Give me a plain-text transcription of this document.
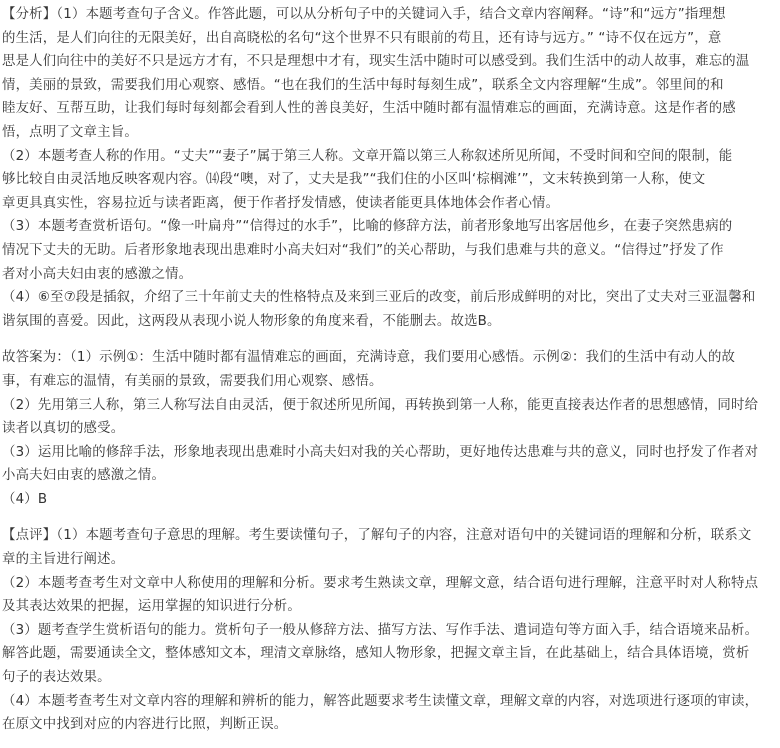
【分析】（1）本题考查句子含义。作答此题，可以从分析句子中的关键词入手，结合文章内容阐释。“诗”和“远方”指理想
的生活，是人们向往的无限美好，出自高晓松的名句“这个世界不只有眼前的苟且，还有诗与远方。” “诗不仅在远方”，意
思是人们向往中的美好不只是远方才有，不只是理想中才有，现实生活中随时可以感受到。我们生活中的动人故事，难忘的温
情，美丽的景致，需要我们用心观察、感悟。“也在我们的生活中每时每刻生成”，联系全文内容理解“生成”。邻里间的和
睦友好、互帮互助，让我们每时每刻都会看到人性的善良美好，生活中随时都有温情难忘的画面，充满诗意。这是作者的感
悟，点明了文章主旨。
（2）本题考查人称的作用。“丈夫”“妻子”属于第三人称。文章开篇以第三人称叙述所见所闻，不受时间和空间的限制，能
够比较自由灵活地反映客观内容。⒁段“噢，对了，丈夫是我”“我们住的小区叫‘棕榈滩’”，文末转换到第一人称，使文
章更具真实性，容易拉近与读者距离，便于作者抒发情感，使读者能更具体地体会作者心情。
（3）本题考查赏析语句。“像一叶扁舟”“信得过的水手”，比喻的修辞方法，前者形象地写出客居他乡，在妻子突然患病的
情况下丈夫的无助。后者形象地表现出患难时小高夫妇对“我们”的关心帮助，与我们患难与共的意义。“信得过”抒发了作
者对小高夫妇由衷的感激之情。
（4）⑥至⑦段是插叙，介绍了三十年前丈夫的性格特点及来到三亚后的改变，前后形成鲜明的对比，突出了丈夫对三亚温馨和
谐氛围的喜爱。因此，这两段从表现小说人物形象的角度来看，不能删去。故选B。
故答案为：（1）示例①：生活中随时都有温情难忘的画面，充满诗意，我们要用心感悟。示例②：我们的生活中有动人的故
事，有难忘的温情，有美丽的景致，需要我们用心观察、感悟。
（2）先用第三人称，第三人称写法自由灵活，便于叙述所见所闻，再转换到第一人称，能更直接表达作者的思想感情，同时给
读者以真切的感受。
（3）运用比喻的修辞手法，形象地表现出患难时小高夫妇对我的关心帮助，更好地传达患难与共的意义，同时也抒发了作者对
小高夫妇由衷的感激之情。
（4）B
【点评】（1）本题考查句子意思的理解。考生要读懂句子，了解句子的内容，注意对语句中的关键词语的理解和分析，联系文
章的主旨进行阐述。
（2）本题考查考生对文章中人称使用的理解和分析。要求考生熟读文章，理解文意，结合语句进行理解，注意平时对人称特点
及其表达效果的把握，运用掌握的知识进行分析。
（3）题考查学生赏析语句的能力。赏析句子一般从修辞方法、描写方法、写作手法、遣词造句等方面入手，结合语境来品析。
解答此题，需要通读全文，整体感知文本，理清文章脉络，感知人物形象，把握文章主旨，在此基础上，结合具体语境，赏析
句子的表达效果。
（4）本题考查考生对文章内容的理解和辨析的能力，解答此题要求考生读懂文章，理解文章的内容，对选项进行逐项的审读，
在原文中找到对应的内容进行比照，判断正误。
